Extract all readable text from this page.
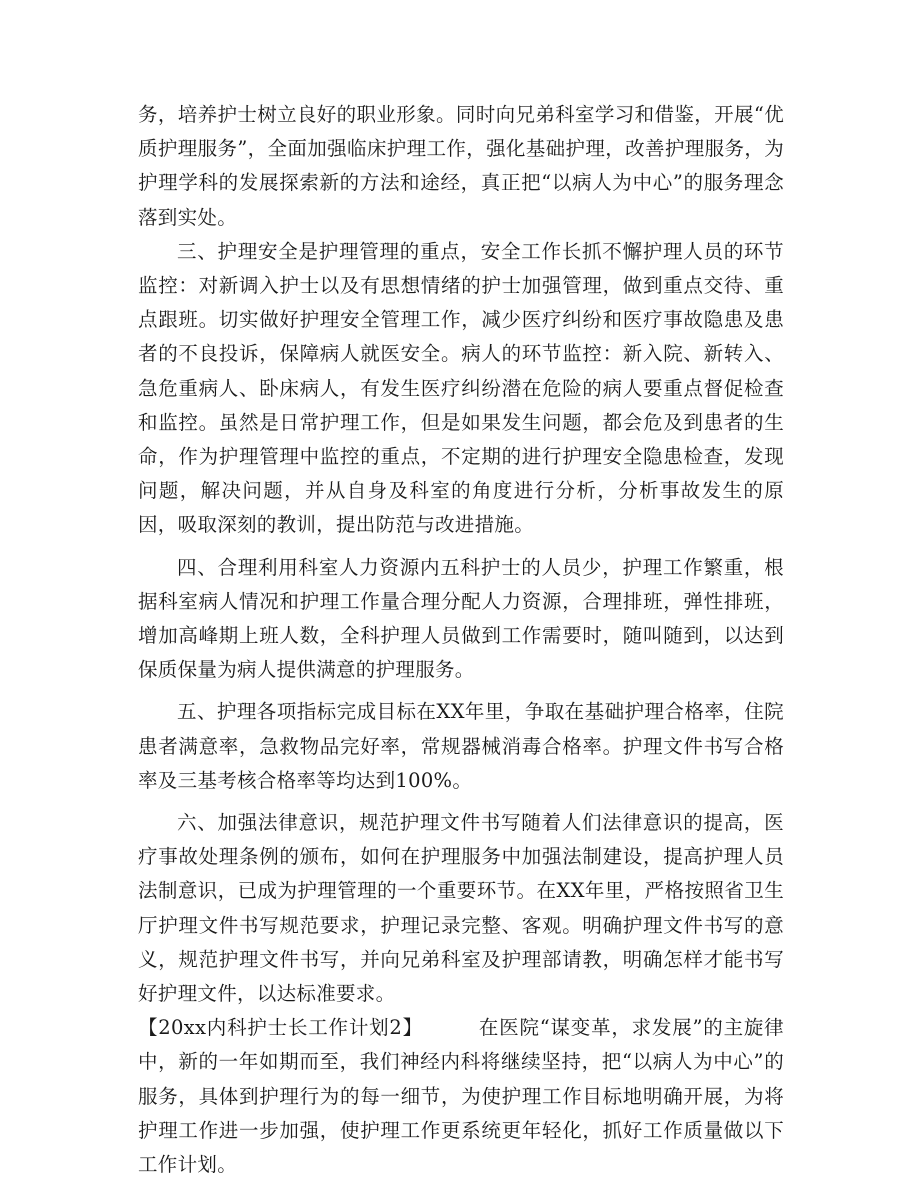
务，培养护士树立良好的职业形象。同时向兄弟科室学习和借鉴，开展“优质护理服务”，全面加强临床护理工作，强化基础护理，改善护理服务，为护理学科的发展探索新的方法和途经，真正把“以病人为中心”的服务理念落到实处。

三、护理安全是护理管理的重点，安全工作长抓不懈护理人员的环节监控：对新调入护士以及有思想情绪的护士加强管理，做到重点交待、重点跟班。切实做好护理安全管理工作，减少医疗纠纷和医疗事故隐患及患者的不良投诉，保障病人就医安全。病人的环节监控：新入院、新转入、急危重病人、卧床病人，有发生医疗纠纷潜在危险的病人要重点督促检查和监控。虽然是日常护理工作，但是如果发生问题，都会危及到患者的生命，作为护理管理中监控的重点，不定期的进行护理安全隐患检查，发现问题，解决问题，并从自身及科室的角度进行分析，分析事故发生的原因，吸取深刻的教训，提出防范与改进措施。

四、合理利用科室人力资源内五科护士的人员少，护理工作繁重，根据科室病人情况和护理工作量合理分配人力资源，合理排班，弹性排班，增加高峰期上班人数，全科护理人员做到工作需要时，随叫随到，以达到保质保量为病人提供满意的护理服务。

五、护理各项指标完成目标在XX年里，争取在基础护理合格率，住院患者满意率，急救物品完好率，常规器械消毒合格率。护理文件书写合格率及三基考核合格率等均达到100%。

六、加强法律意识，规范护理文件书写随着人们法律意识的提高，医疗事故处理条例的颁布，如何在护理服务中加强法制建设，提高护理人员法制意识，已成为护理管理的一个重要环节。在XX年里，严格按照省卫生厅护理文件书写规范要求，护理记录完整、客观。明确护理文件书写的意义，规范护理文件书写，并向兄弟科室及护理部请教，明确怎样才能书写好护理文件，以达标准要求。

【20xx内科护士长工作计划2】	在医院“谋变革，求发展”的主旋律中，新的一年如期而至，我们神经内科将继续坚持，把“以病人为中心”的服务，具体到护理行为的每一细节，为使护理工作目标地明确开展，为将护理工作进一步加强，使护理工作更系统更年轻化，抓好工作质量做以下工作计划。
